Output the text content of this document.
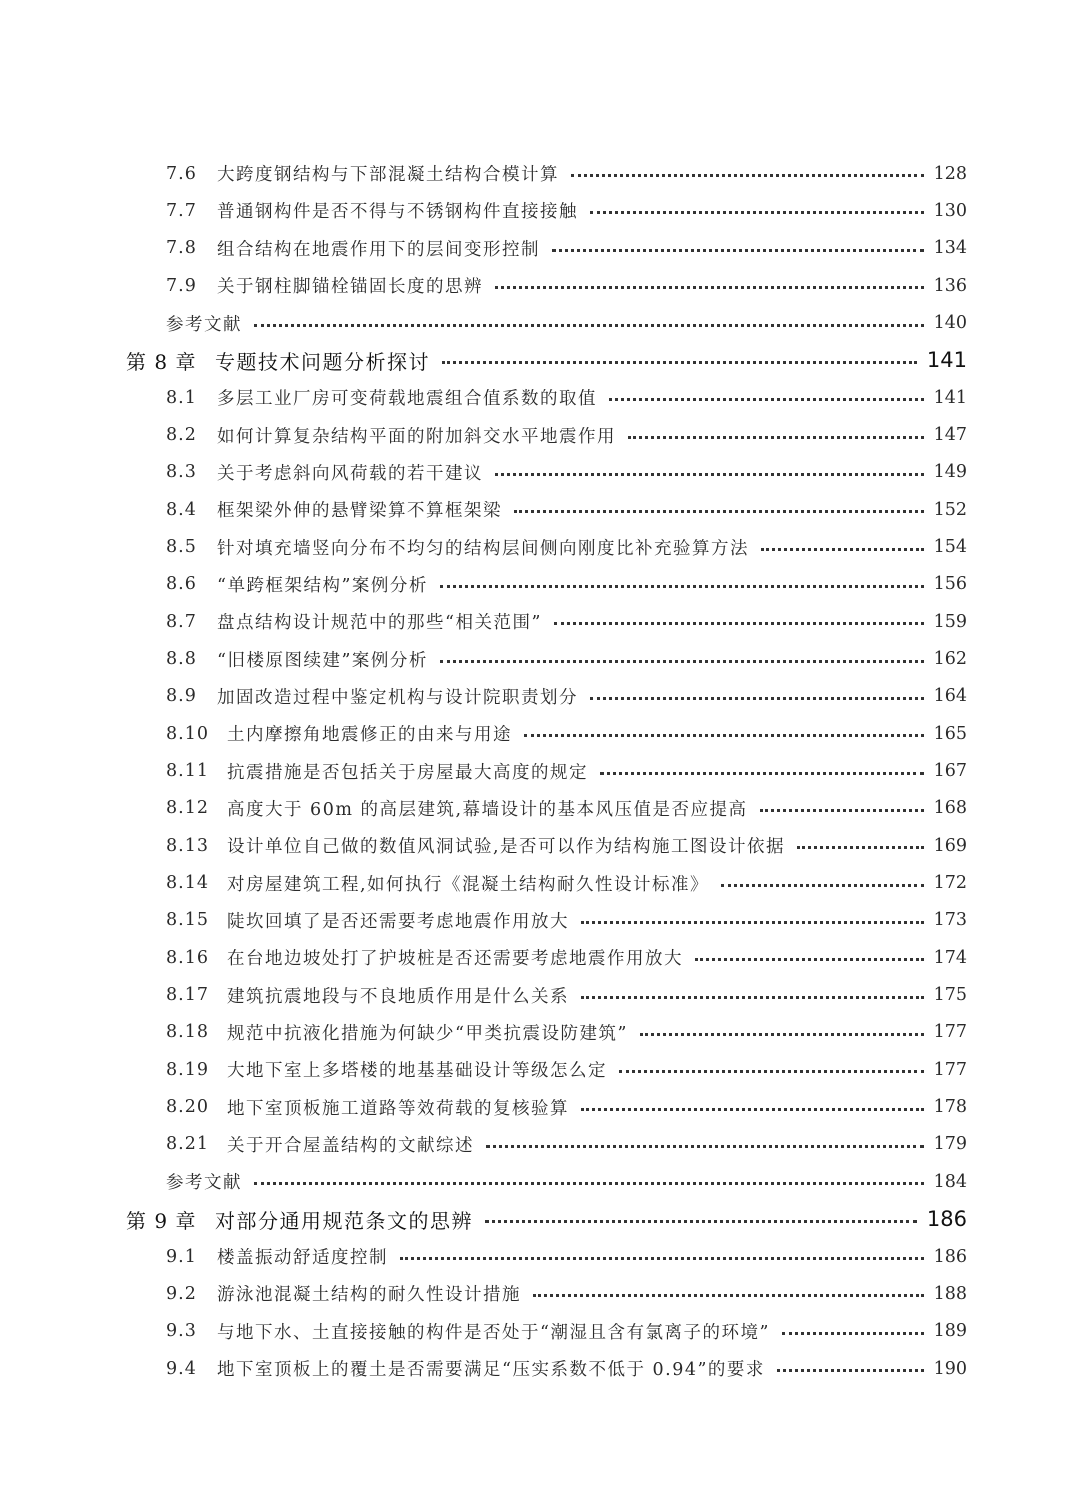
7.6	大跨度钢结构与下部混凝土结构合模计算	128
7.7	普通钢构件是否不得与不锈钢构件直接接触	130
7.8	组合结构在地震作用下的层间变形控制	134
7.9	关于钢柱脚锚栓锚固长度的思辨	136
参考文献	140
第 8 章 专题技术问题分析探讨	141
8.1	多层工业厂房可变荷载地震组合值系数的取值	141
8.2	如何计算复杂结构平面的附加斜交水平地震作用	147
8.3	关于考虑斜向风荷载的若干建议	149
8.4	框架梁外伸的悬臂梁算不算框架梁	152
8.5	针对填充墙竖向分布不均匀的结构层间侧向刚度比补充验算方法	154
8.6	“单跨框架结构”案例分析	156
8.7	盘点结构设计规范中的那些“相关范围”	159
8.8	“旧楼原图续建”案例分析	162
8.9	加固改造过程中鉴定机构与设计院职责划分	164
8.10	土内摩擦角地震修正的由来与用途	165
8.11	抗震措施是否包括关于房屋最大高度的规定	167
8.12	高度大于 60m 的高层建筑,幕墙设计的基本风压值是否应提高	168
8.13	设计单位自己做的数值风洞试验,是否可以作为结构施工图设计依据	169
8.14	对房屋建筑工程,如何执行《混凝土结构耐久性设计标准》	172
8.15	陡坎回填了是否还需要考虑地震作用放大	173
8.16	在台地边坡处打了护坡桩是否还需要考虑地震作用放大	174
8.17	建筑抗震地段与不良地质作用是什么关系	175
8.18	规范中抗液化措施为何缺少“甲类抗震设防建筑”	177
8.19	大地下室上多塔楼的地基基础设计等级怎么定	177
8.20	地下室顶板施工道路等效荷载的复核验算	178
8.21	关于开合屋盖结构的文献综述	179
参考文献	184
第 9 章 对部分通用规范条文的思辨	186
9.1	楼盖振动舒适度控制	186
9.2	游泳池混凝土结构的耐久性设计措施	188
9.3	与地下水、土直接接触的构件是否处于“潮湿且含有氯离子的环境”	189
9.4	地下室顶板上的覆土是否需要满足“压实系数不低于 0.94”的要求	190
